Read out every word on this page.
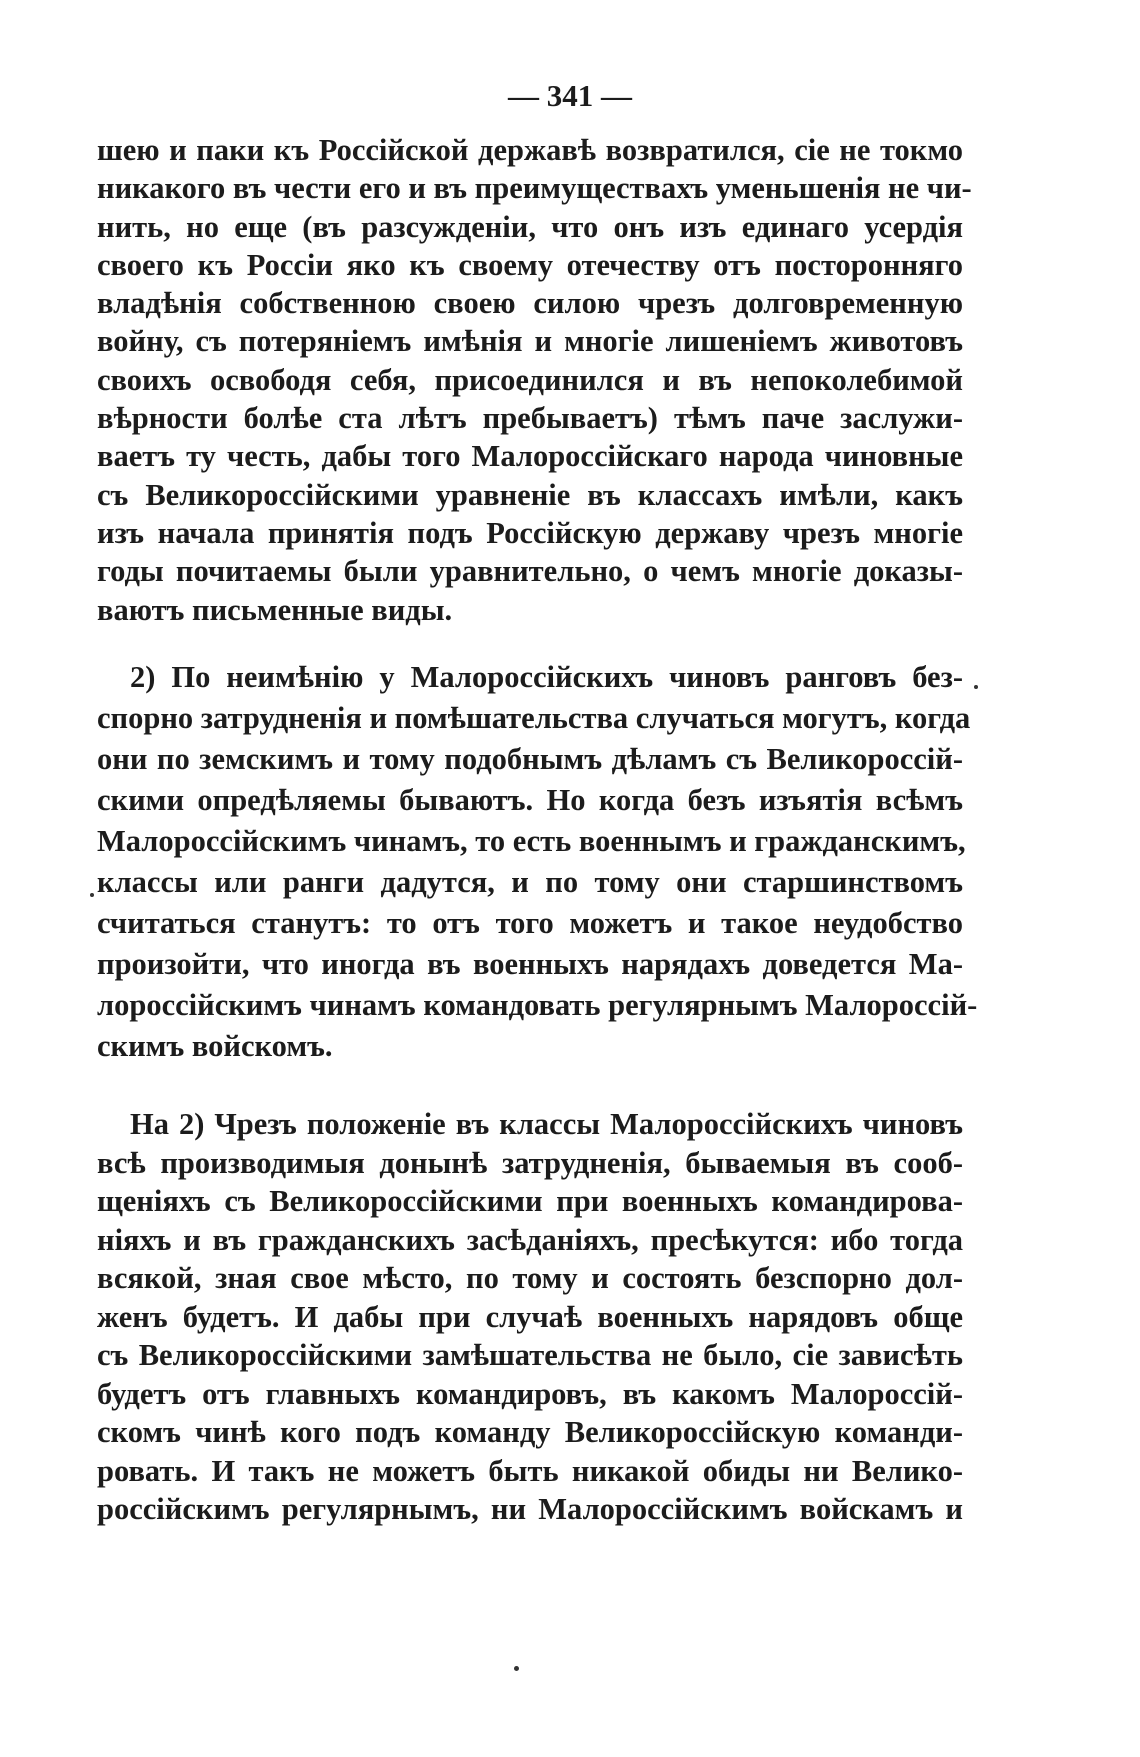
— 341 —
шею и паки къ Россійской державѣ возвратился, сіе не токмо
никакого въ чести его и въ преимуществахъ уменьшенія не чи-
нить, но еще (въ разсужденіи, что онъ изъ единаго усердія
своего къ Россіи яко къ своему отечеству отъ посторонняго
владѣнія собственною своею силою чрезъ долговременную
войну, съ потеряніемъ имѣнія и многіе лишеніемъ животовъ
своихъ освободя себя, присоединился и въ непоколебимой
вѣрности болѣе ста лѣтъ пребываетъ) тѣмъ паче заслужи-
ваетъ ту честь, дабы того Малороссійскаго народа чиновные
съ Великороссійскими уравненіе въ классахъ имѣли, какъ
изъ начала принятія подъ Россійскую державу чрезъ многіе
годы почитаемы были уравнительно, о чемъ многіе доказы-
ваютъ письменные виды.
2) По неимѣнію у Малороссійскихъ чиновъ ранговъ без-
спорно затрудненія и помѣшательства случаться могутъ, когда
они по земскимъ и тому подобнымъ дѣламъ съ Великороссій-
скими опредѣляемы бываютъ. Но когда безъ изъятія всѣмъ
Малороссійскимъ чинамъ, то есть военнымъ и гражданскимъ,
классы или ранги дадутся, и по тому они старшинствомъ
считаться станутъ: то отъ того можетъ и такое неудобство
произойти, что иногда въ военныхъ нарядахъ доведется Ма-
лороссійскимъ чинамъ командовать регулярнымъ Малороссій-
скимъ войскомъ.
На 2) Чрезъ положеніе въ классы Малороссійскихъ чиновъ
всѣ производимыя донынѣ затрудненія, бываемыя въ сооб-
щеніяхъ съ Великороссійскими при военныхъ командирова-
ніяхъ и въ гражданскихъ засѣданіяхъ, пресѣкутся: ибо тогда
всякой, зная свое мѣсто, по тому и состоять безспорно дол-
женъ будетъ. И дабы при случаѣ военныхъ нарядовъ обще
съ Великороссійскими замѣшательства не было, сіе зависѣть
будетъ отъ главныхъ командировъ, въ какомъ Малороссій-
скомъ чинѣ кого подъ команду Великороссійскую команди-
ровать. И такъ не можетъ быть никакой обиды ни Велико-
россійскимъ регулярнымъ, ни Малороссійскимъ войскамъ и
